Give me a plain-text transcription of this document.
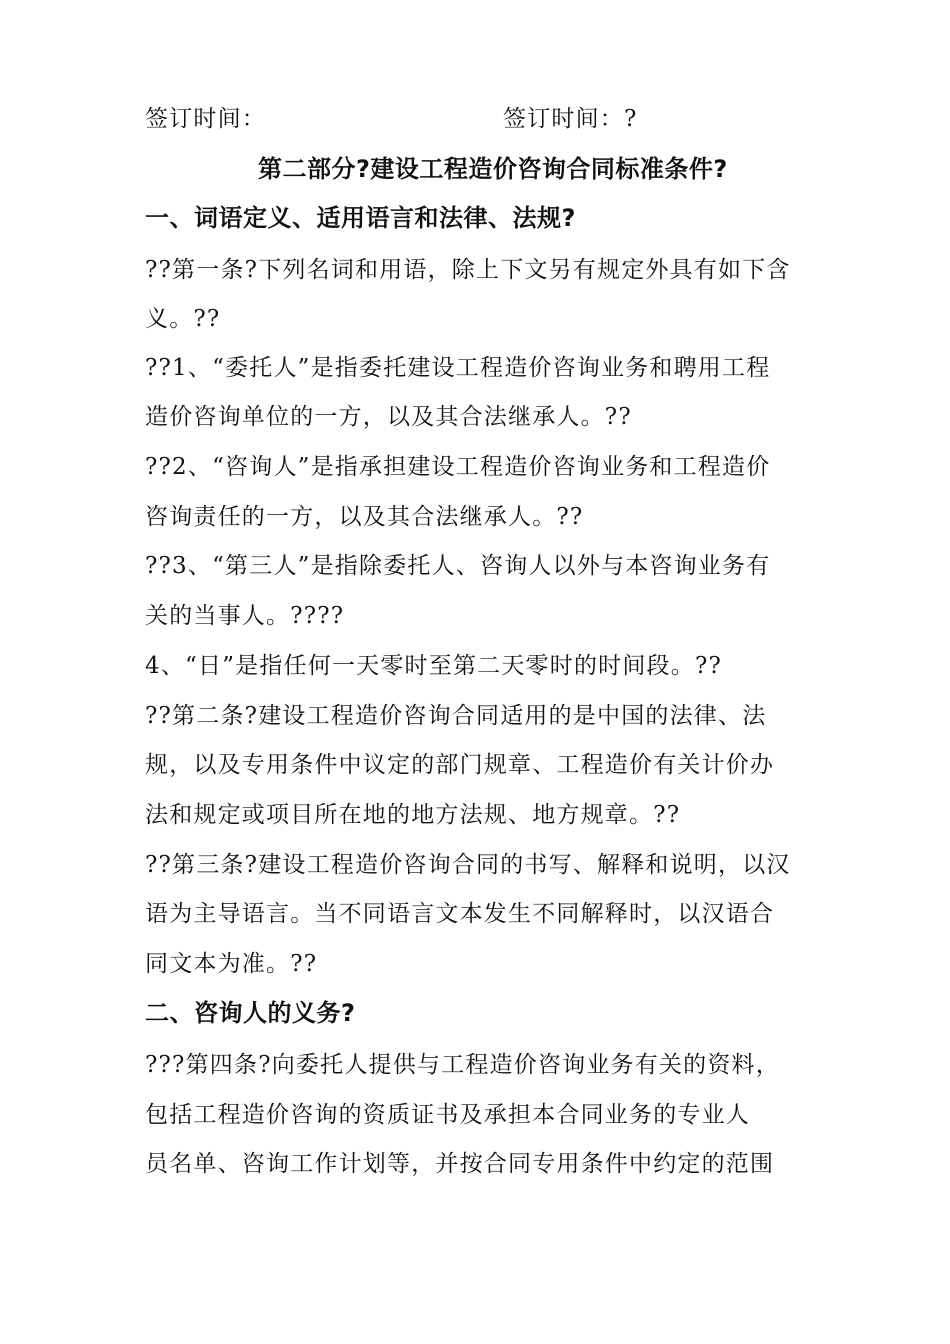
签订时间：	签订时间：?
第二部分?建设工程造价咨询合同标准条件?
一、词语定义、适用语言和法律、法规?
??第一条?下列名词和用语，除上下文另有规定外具有如下含
义。??
??1、“委托人”是指委托建设工程造价咨询业务和聘用工程
造价咨询单位的一方，以及其合法继承人。??
??2、“咨询人”是指承担建设工程造价咨询业务和工程造价
咨询责任的一方，以及其合法继承人。??
??3、“第三人”是指除委托人、咨询人以外与本咨询业务有
关的当事人。????
4、“日”是指任何一天零时至第二天零时的时间段。??
??第二条?建设工程造价咨询合同适用的是中国的法律、法
规，以及专用条件中议定的部门规章、工程造价有关计价办
法和规定或项目所在地的地方法规、地方规章。??
??第三条?建设工程造价咨询合同的书写、解释和说明，以汉
语为主导语言。当不同语言文本发生不同解释时，以汉语合
同文本为准。??
二、咨询人的义务?
???第四条?向委托人提供与工程造价咨询业务有关的资料，
包括工程造价咨询的资质证书及承担本合同业务的专业人
员名单、咨询工作计划等，并按合同专用条件中约定的范围
